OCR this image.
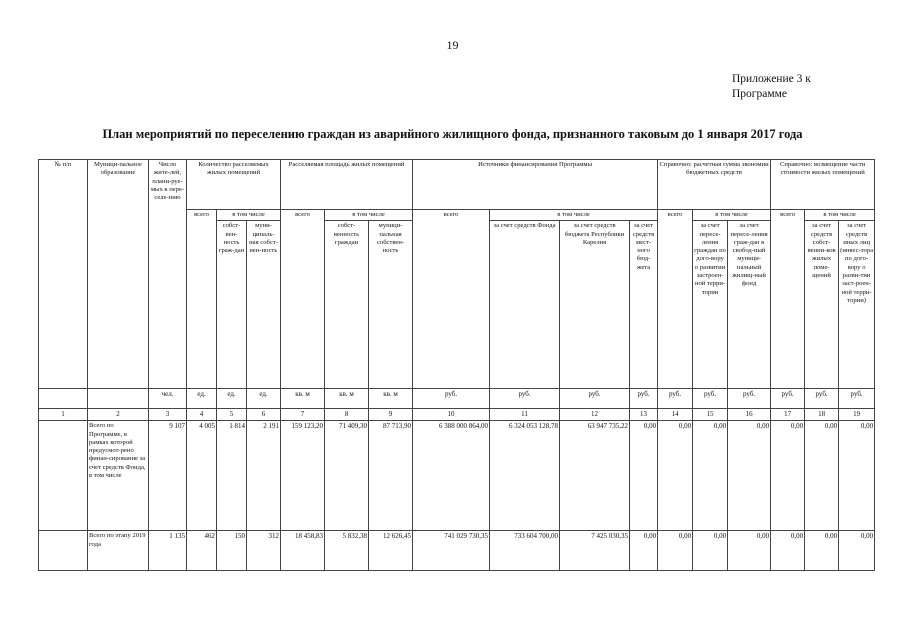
19
Приложение 3 к
Программе
План мероприятий по переселению граждан из аварийного жилищного фонда, признанного таковым до 1 января 2017 года
№ п/п	Муници-пальное образование	Число жите-лей, плани-руе-мых к пере-селе-нию	Количество расселяемых жилых помещений			Расселяемая площадь жилых помещений			Источники финансирования Программы				Справочно: расчетная сумма экономии бюджетных средств			Справочно: возмещение части стоимости жилых помещений		
			всего	в том числе		всего	в том числе		всего	в том числе			всего	в том числе		всего	в том числе	
				собст-вен-ность граж-дан	муни-ципаль-ная собст-вен-ность		собст-венность граждан	муници-пальная собствен-ность		за счет средств Фонда	за счет средств бюджета Республики Карелия	за счет средств мест-ного бюд-жета		за счет пересе-ления граждан по дого-вору о развитии застроен-ной терри-тории	за счет пересе-ления граж-дан в свобод-ный муници-пальный жилищ-ный фонд		за счет средств собст-венни-ков жилых поме-щений	за счет средств иных лиц (инвес-тора по дого-вору о разви-тии заст-роен-ной терри-тории)
		чел.	ед.	ед.	ед.	кв. м	кв. м	кв. м	руб.	руб.	руб.	руб.	руб.	руб.	руб.	руб.	руб.	руб.
1	2	3	4	5	6	7	8	9	10	11	12	13	14	15	16	17	18	19
	Всего по Программе, в рамках которой предусмот-рено финан-сирование за счет средств Фонда, в том числе	9 107	4 005	1 814	2 191	159 123,20	71 409,30	87 713,90	6 388 000 864,00	6 324 053 128,78	63 947 735,22	0,00	0,00	0,00	0,00	0,00	0,00	0,00
	Всего по этапу 2019 года	1 135	462	150	312	18 458,83	5 832,38	12 626,45	741 029 730,35	733 604 700,00	7 425 030,35	0,00	0,00	0,00	0,00	0,00	0,00	0,00
